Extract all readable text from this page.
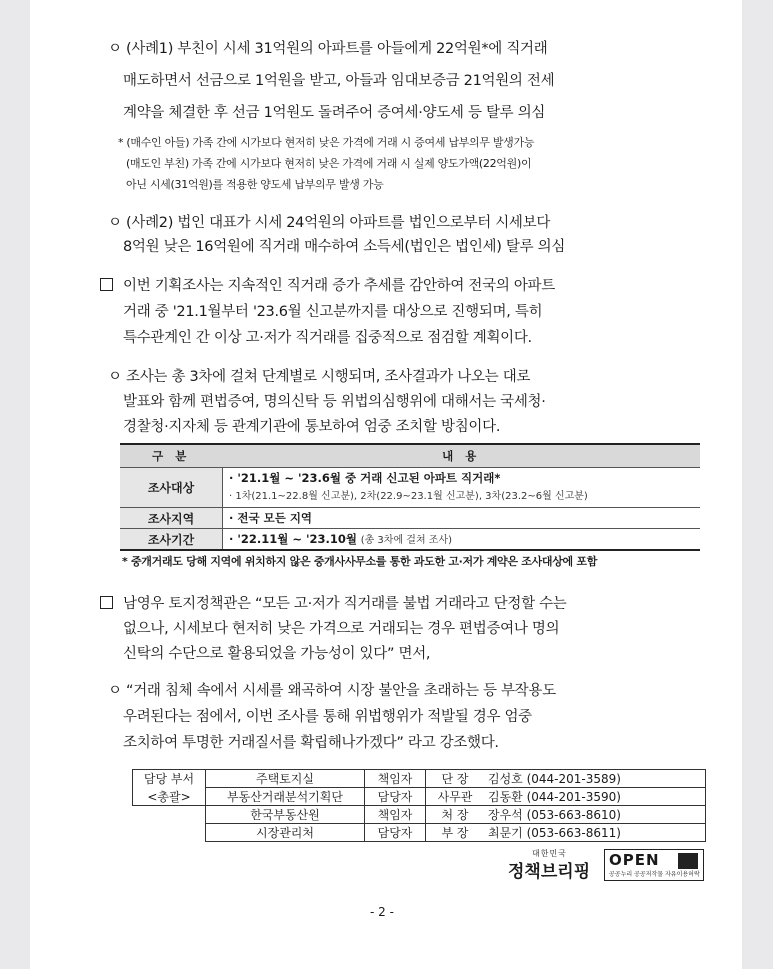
ㅇ (사례1) 부친이 시세 31억원의 아파트를 아들에게 22억원*에 직거래
매도하면서 선금으로 1억원을 받고, 아들과 임대보증금 21억원의 전세
계약을 체결한 후 선금 1억원도 돌려주어 증여세·양도세 등 탈루 의심
* (매수인 아들) 가족 간에 시가보다 현저히 낮은 가격에 거래 시 증여세 납부의무 발생가능
(매도인 부친) 가족 간에 시가보다 현저히 낮은 가격에 거래 시 실제 양도가액(22억원)이
아닌 시세(31억원)를 적용한 양도세 납부의무 발생 가능
ㅇ (사례2) 법인 대표가 시세 24억원의 아파트를 법인으로부터 시세보다
8억원 낮은 16억원에 직거래 매수하여 소득세(법인은 법인세) 탈루 의심
이번 기획조사는 지속적인 직거래 증가 추세를 감안하여 전국의 아파트
거래 중 '21.1월부터 '23.6월 신고분까지를 대상으로 진행되며, 특히
특수관계인 간 이상 고·저가 직거래를 집중적으로 점검할 계획이다.
ㅇ 조사는 총 3차에 걸쳐 단계별로 시행되며, 조사결과가 나오는 대로
발표와 함께 편법증여, 명의신탁 등 위법의심행위에 대해서는 국세청·
경찰청·지자체 등 관계기관에 통보하여 엄중 조치할 방침이다.
구 분	내 용
조사대상	· '21.1월 ~ '23.6월 중 거래 신고된 아파트 직거래*
· 1차(21.1~22.8월 신고분), 2차(22.9~23.1월 신고분), 3차(23.2~6월 신고분)

조사지역	· 전국 모든 지역
조사기간	· '22.11월 ~ '23.10월 (총 3차에 걸쳐 조사)
* 중개거래도 당해 지역에 위치하지 않은 중개사사무소를 통한 과도한 고·저가 계약은 조사대상에 포함
남영우 토지정책관은 “모든 고·저가 직거래를 불법 거래라고 단정할 수는
없으나, 시세보다 현저히 낮은 가격으로 거래되는 경우 편법증여나 명의
신탁의 수단으로 활용되었을 가능성이 있다” 면서,
ㅇ “거래 침체 속에서 시세를 왜곡하여 시장 불안을 초래하는 등 부작용도
우려된다는 점에서, 이번 조사를 통해 위법행위가 적발될 경우 엄중
조치하여 투명한 거래질서를 확립해나가겠다” 라고 강조했다.
담당 부서	주택토지실	책임자	단 장	김성호 (044-201-3589)
<총괄>	부동산거래분석기획단	담당자	사무관	김동환 (044-201-3590)
	한국부동산원	책임자	처 장	장우석 (053-663-8610)
	시장관리처	담당자	부 장	최문기 (053-663-8611)
대한민국
정책브리핑
OPEN
공공누리 공공저작물 자유이용허락
- 2 -
